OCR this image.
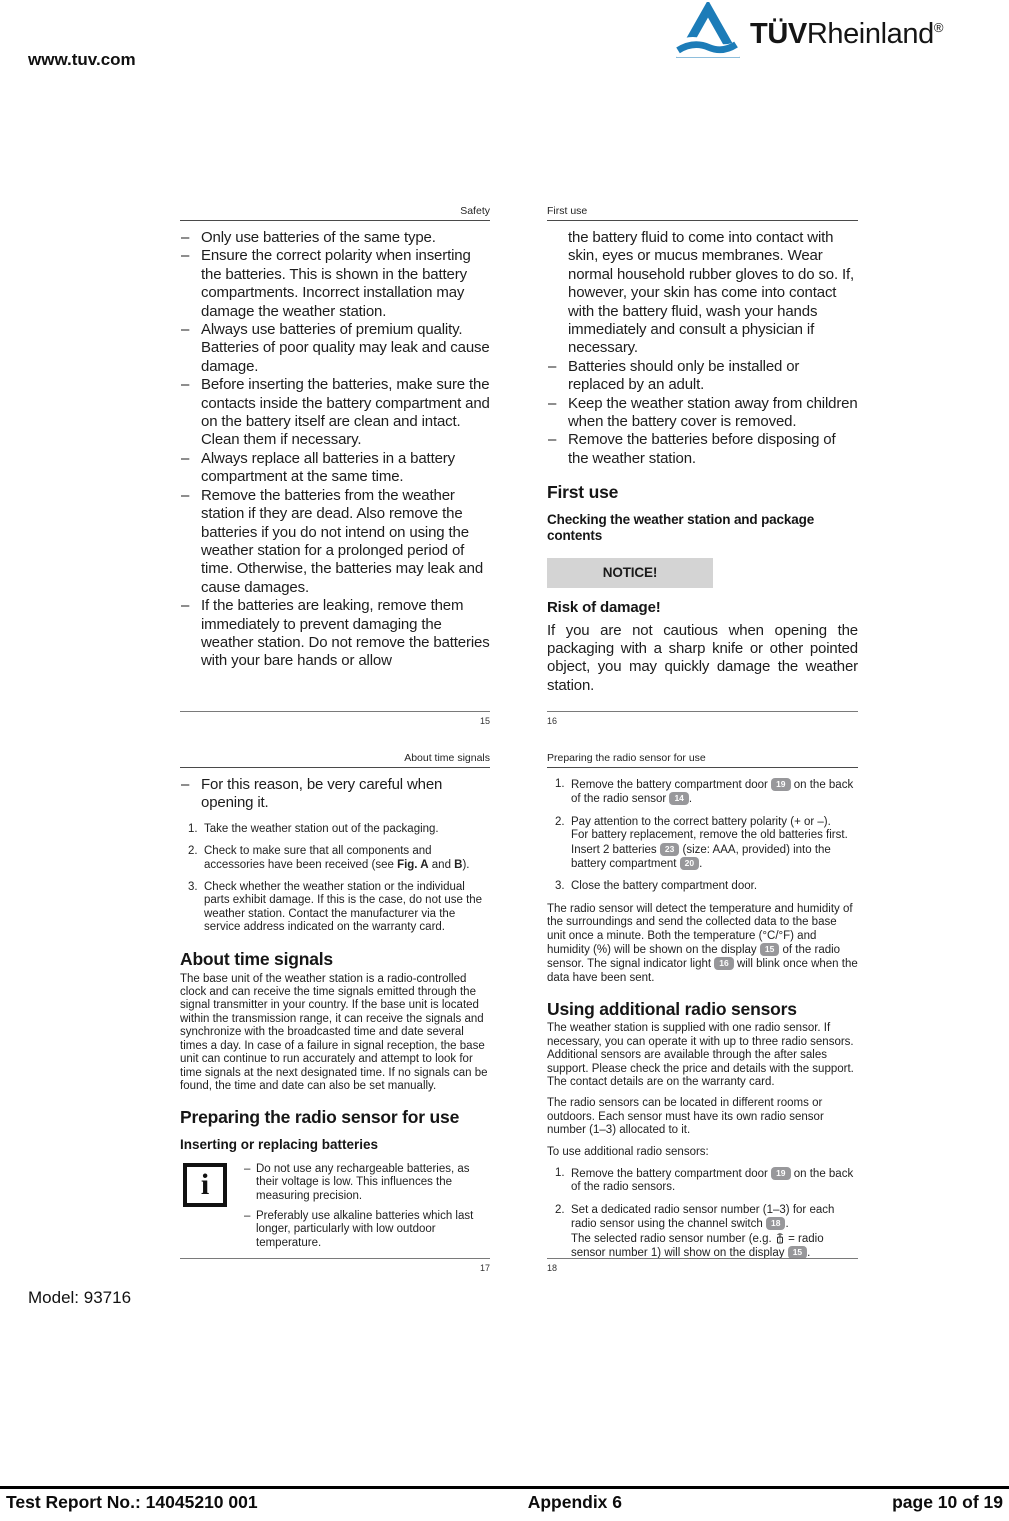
www.tuv.com
TÜVRheinland®
Safety
– Only use batteries of the same type.
– Ensure the correct polarity when inserting the batteries. This is shown in the battery compartments. Incorrect installation may damage the weather station.
– Always use batteries of premium quality. Batteries of poor quality may leak and cause damage.
– Before inserting the batteries, make sure the contacts inside the battery compartment and on the battery itself are clean and intact. Clean them if necessary.
– Always replace all batteries in a battery compartment at the same time.
– Remove the batteries from the weather station if they are dead. Also remove the batteries if you do not intend on using the weather station for a prolonged period of time. Otherwise, the batteries may leak and cause damages.
– If the batteries are leaking, remove them immediately to prevent damaging the weather station. Do not remove the batteries with your bare hands or allow
15
First use
the battery fluid to come into contact with skin, eyes or mucus membranes. Wear normal household rubber gloves to do so. If, however, your skin has come into contact with the battery fluid, wash your hands immediately and consult a physician if necessary.
– Batteries should only be installed or replaced by an adult.
– Keep the weather station away from children when the battery cover is removed.
– Remove the batteries before disposing of the weather station.
First use
Checking the weather station and package contents
NOTICE!
Risk of damage!
If you are not cautious when opening the packaging with a sharp knife or other pointed object, you may quickly damage the weather station.
16
About time signals
– For this reason, be very careful when opening it.
Take the weather station out of the packaging.
Check to make sure that all components and accessories have been received (see Fig. A and B).
Check whether the weather station or the individual parts exhibit damage. If this is the case, do not use the weather station. Contact the manufacturer via the service address indicated on the warranty card.
About time signals
The base unit of the weather station is a radio-controlled clock and can receive the time signals emitted through the signal transmitter in your country. If the base unit is located within the transmission range, it can receive the signals and synchronize with the broadcasted time and date several times a day. In case of a failure in signal reception, the base unit can continue to run accurately and attempt to look for time signals at the next designated time. If no signals can be found, the time and date can also be set manually.
Preparing the radio sensor for use
Inserting or replacing batteries
i	– Do not use any rechargeable batteries, as their voltage is low. This influences the measuring precision.
– Preferably use alkaline batteries which last longer, particularly with low outdoor temperature.
17
Preparing the radio sensor for use
Remove the battery compartment door 19 on the back of the radio sensor 14 .
Pay attention to the correct battery polarity (+ or –).
For battery replacement, remove the old batteries first.
Insert 2 batteries 23 (size: AAA, provided) into the battery compartment 20 .
Close the battery compartment door.
The radio sensor will detect the temperature and humidity of the surroundings and send the collected data to the base unit once a minute. Both the temperature (°C/°F) and humidity (%) will be shown on the display 15 of the radio sensor. The signal indicator light 16 will blink once when the data have been sent.
Using additional radio sensors
The weather station is supplied with one radio sensor. If necessary, you can operate it with up to three radio sensors. Additional sensors are available through the after sales support. Please check the price and details with the support. The contact details are on the warranty card.
The radio sensors can be located in different rooms or outdoors. Each sensor must have its own radio sensor number (1–3) allocated to it.
To use additional radio sensors:
Remove the battery compartment door 19 on the back of the radio sensors.
Set a dedicated radio sensor number (1–3) for each radio sensor using the channel switch 18 .
The selected radio sensor number (e.g. 1 = radio sensor number 1) will show on the display 15 .
18
Model: 93716
Test Report No.: 14045210 001	Appendix 6	page 10 of 19
